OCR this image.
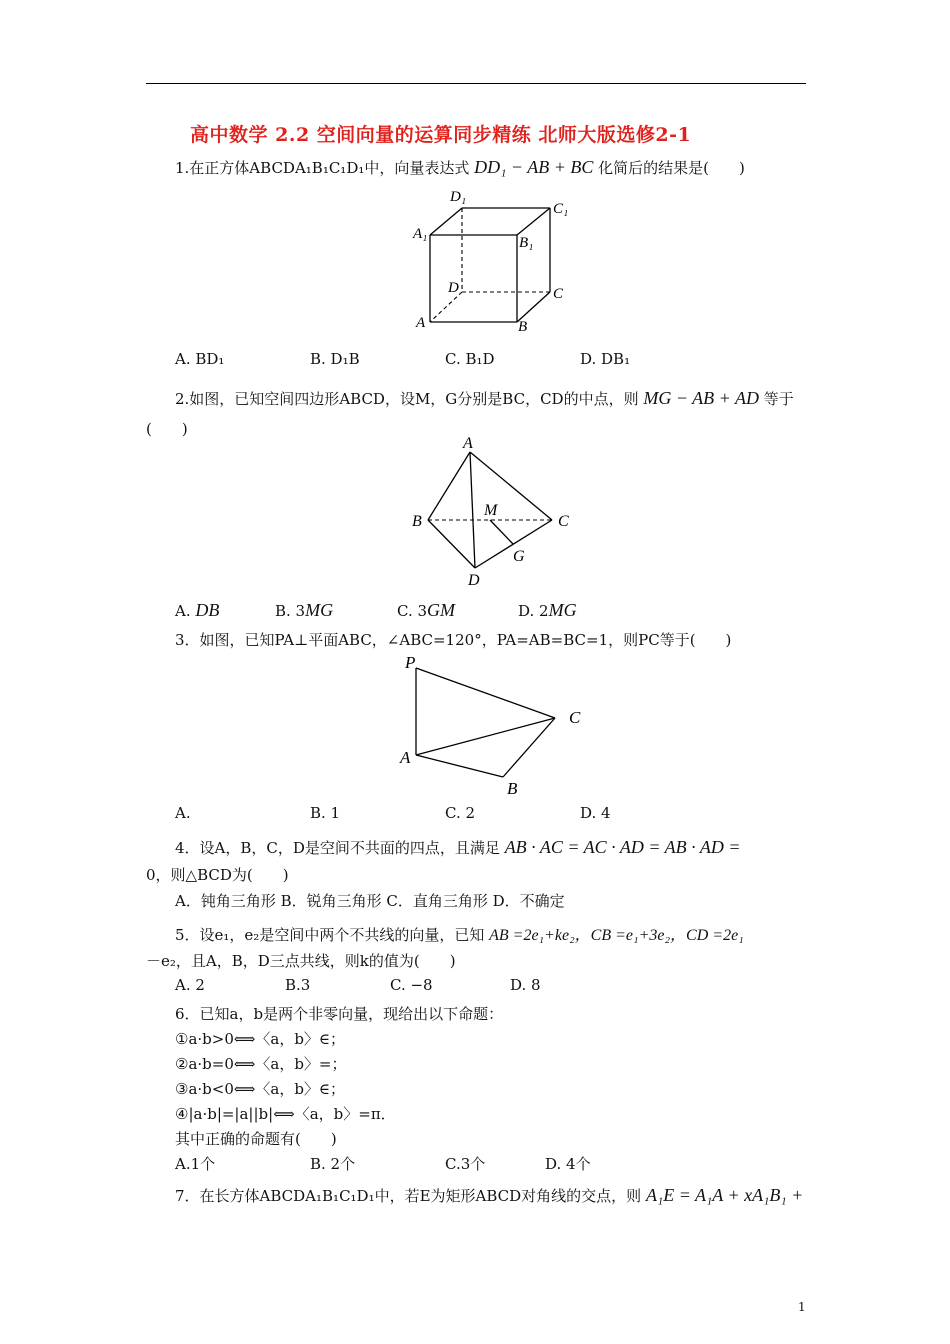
高中数学 2.2 空间向量的运算同步精练 北师大版选修2-1
1.在正方体ABCDA₁B₁C₁D₁中，向量表达式 DD₁ − AB + BC 化简后的结果是(　　)
D₁
C₁
A₁
B₁
D	C
A	B
A. BD₁	B. D₁B	C. B₁D	D. DB₁
2.如图，已知空间四边形ABCD，设M，G分别是BC，CD的中点，则 MG − AB + AD 等于
(　　)
A
B
M
C
G
D
A. DB	B. 3MG	C. 3GM	D. 2MG
3．如图，已知PA⊥平面ABC，∠ABC=120°，PA=AB=BC=1，则PC等于(　　)
P
C
A
B
A.	B. 1	C. 2	D. 4
4．设A，B，C，D是空间不共面的四点，且满足 AB · AC = AC · AD = AB · AD =
0，则△BCD为(　　)
A．钝角三角形 B．锐角三角形 C．直角三角形 D．不确定
5．设e₁，e₂是空间中两个不共线的向量，已知 AB =2e₁+ke₂，CB =e₁+3e₂，CD =2e₁
－e₂，且A，B，D三点共线，则k的值为(　　)
A. 2	B.3	C. −8	D. 8
6．已知a，b是两个非零向量，现给出以下命题：
①a·b>0⟺〈a，b〉∈；
②a·b=0⟺〈a，b〉=；
③a·b<0⟺〈a，b〉∈；
④|a·b|=|a||b|⟺〈a，b〉=π．
其中正确的命题有(　　)
A.1个	B. 2个	C.3个	D. 4个
7．在长方体ABCDA₁B₁C₁D₁中，若E为矩形ABCD对角线的交点，则 A₁E = A₁A + xA₁B₁ +
1
